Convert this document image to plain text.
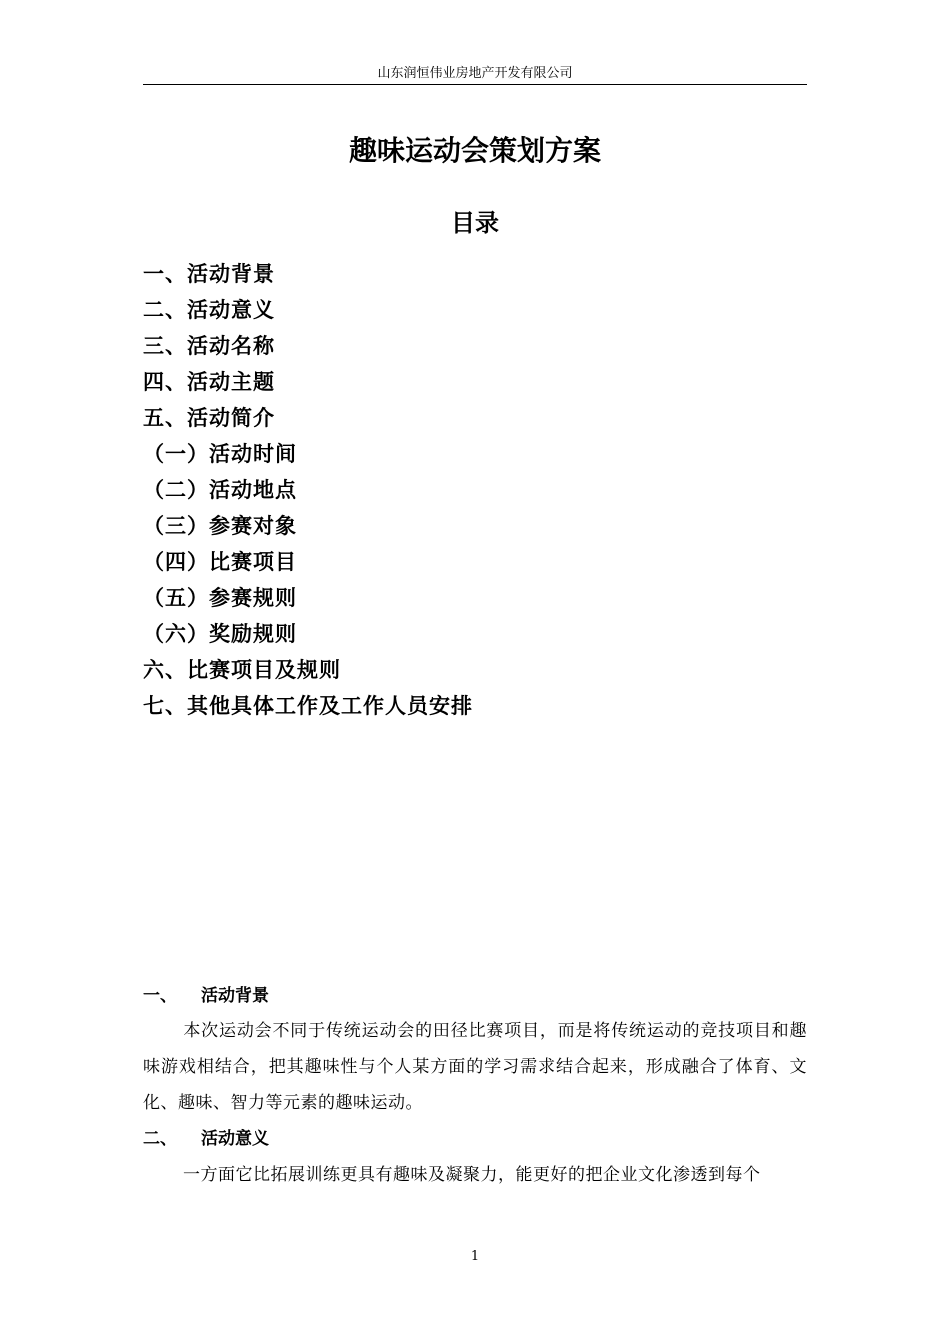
山东润恒伟业房地产开发有限公司
趣味运动会策划方案
目录
一、活动背景
二、活动意义
三、活动名称
四、活动主题
五、活动简介
（一）活动时间
（二）活动地点
（三）参赛对象
（四）比赛项目
（五）参赛规则
（六）奖励规则
六、比赛项目及规则
七、其他具体工作及工作人员安排
一、 活动背景

本次运动会不同于传统运动会的田径比赛项目，而是将传统运动的竞技项目和趣味游戏相结合，把其趣味性与个人某方面的学习需求结合起来，形成融合了体育、文化、趣味、智力等元素的趣味运动。

二、 活动意义

一方面它比拓展训练更具有趣味及凝聚力，能更好的把企业文化渗透到每个

1
